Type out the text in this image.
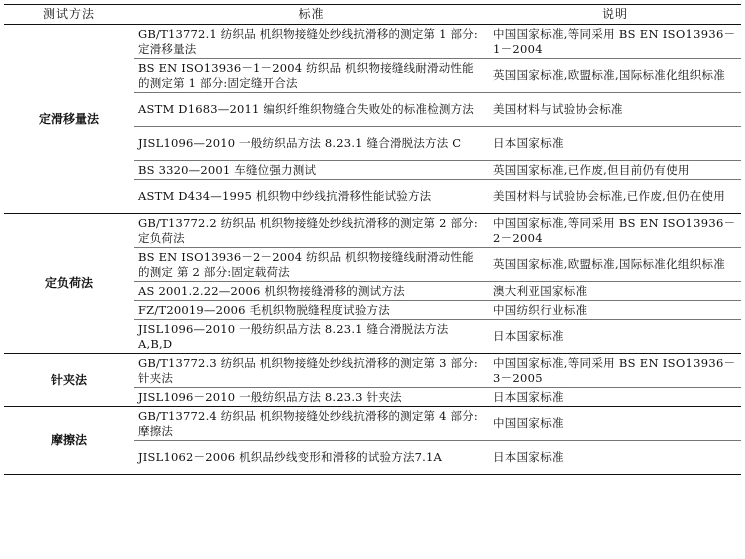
测试方法	标准	说明
定滑移量法	GB/T13772.1 纺织品 机织物接缝处纱线抗滑移的测定第 1 部分:定滑移量法	中国国家标准,等同采用 BS EN ISO13936－1－2004
	BS EN ISO13936－1－2004 纺织品 机织物接缝线耐滑动性能的测定第 1 部分:固定缝开合法	英国国家标准,欧盟标准,国际标准化组织标准
	ASTM D1683—2011 编织纤维织物缝合失败处的标准检测方法	美国材料与试验协会标准
	JISL1096—2010 一般纺织品方法 8.23.1 缝合滑脱法方法 C	日本国家标准
	BS 3320—2001 车缝位强力测试	英国国家标准,已作废,但目前仍有使用
	ASTM D434—1995 机织物中纱线抗滑移性能试验方法	美国材料与试验协会标准,已作废,但仍在使用
定负荷法	GB/T13772.2 纺织品 机织物接缝处纱线抗滑移的测定第 2 部分:定负荷法	中国国家标准,等同采用 BS EN ISO13936－2－2004
	BS EN ISO13936－2－2004 纺织品 机织物接缝线耐滑动性能的测定 第 2 部分:固定载荷法	英国国家标准,欧盟标准,国际标准化组织标准
	AS 2001.2.22—2006 机织物接缝滑移的测试方法	澳大利亚国家标准
	FZ/T20019—2006 毛机织物脱缝程度试验方法	中国纺织行业标准
	JISL1096—2010 一般纺织品方法 8.23.1 缝合滑脱法方法 A,B,D	日本国家标准
针夹法	GB/T13772.3 纺织品 机织物接缝处纱线抗滑移的测定第 3 部分:针夹法	中国国家标准,等同采用 BS EN ISO13936－3－2005
	JISL1096－2010 一般纺织品方法 8.23.3 针夹法	日本国家标准
摩擦法	GB/T13772.4 纺织品 机织物接缝处纱线抗滑移的测定第 4 部分:摩擦法	中国国家标准
	JISL1062－2006 机织品纱线变形和滑移的试验方法7.1A	日本国家标准
